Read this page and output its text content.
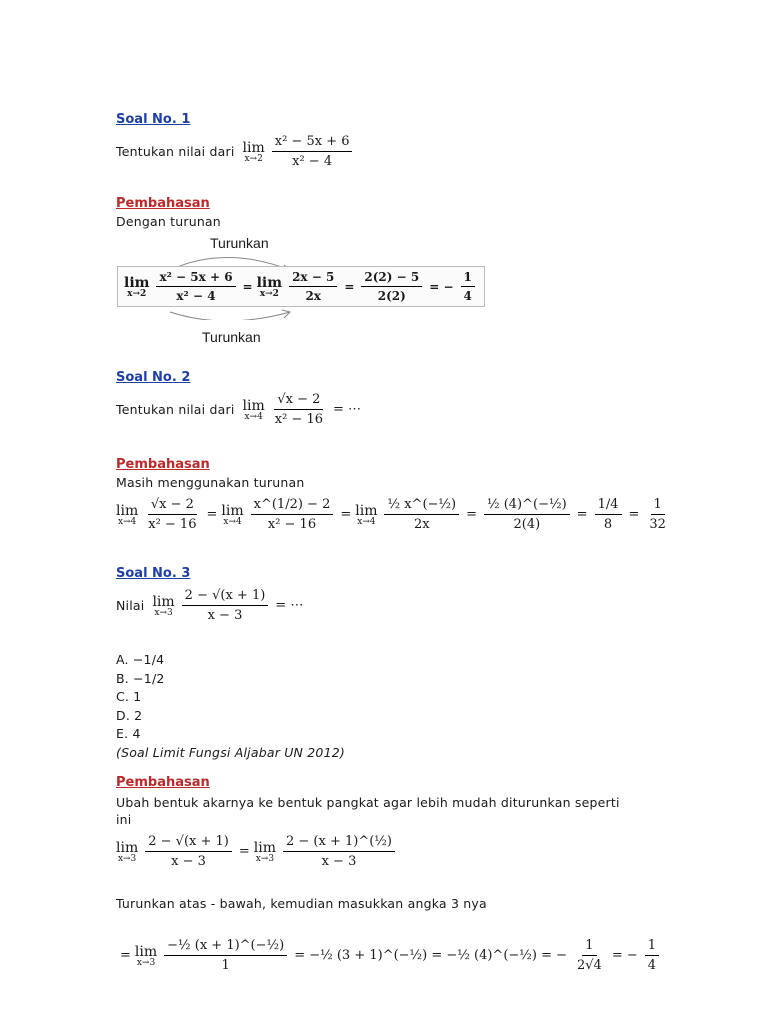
Soal No. 1
Tentukan nilai dari lim
$x\to 2 \frac{\text{x² − 5x + 6}}{\text{x² − 4}}$
Pembahasan
Dengan turunan
Turunkan
lim
$x\to 2 \frac{\text{x² − 5x + 6}}{\text{x² − 4}} = \lim$
$x\to 2 \frac{2x - 5}{2x} = \frac{2(2) - 5}{2(2)}$ = − $\frac{1}{4}$
Turunkan
Soal No. 2
Tentukan nilai dari lim
$x\to 4 \frac{√x - 2}{\text{x² − 16}}$ = ⋯
Pembahasan
Masih menggunakan turunan
lim
$x\to 4 \frac{√x - 2}{\text{x² − 16}} = \lim$
$x\to 4 \frac{x\^{}(1/2) - 2}{\text{x² − 16}} = \lim$
$x\to 4 \frac{\text{½ x\textasciicircum{}(−½)}}{2x} = \frac{\text{½ (4)\textasciicircum{}(−½)}}{2(4)} = \frac{1/4}{8} = \frac{1}{32}$
Soal No. 3
Nilai lim
$x\to 3 \frac{2 - √(x + 1)}{x - 3}$ = ⋯
A. −1/4
B. −1/2
C. 1
D. 2
E. 4
(Soal Limit Fungsi Aljabar UN 2012)
Pembahasan
Ubah bentuk akarnya ke bentuk pangkat agar lebih mudah diturunkan seperti
ini
lim
$x\to 3 \frac{2 - √(x + 1)}{x - 3} = \lim$
$x\to 3 \frac{\text{2 − (x + 1)\textasciicircum{}(½)}}{x - 3}$
Turunkan atas - bawah, kemudian masukkan angka 3 nya
= lim
$x\to 3 \frac{\text{−½ (x + 1)\textasciicircum{}(−½)}}{1}$ = −½ (3 + 1)^(−½) = −½ (4)^(−½) = − $\frac{1}{2√4}$ = − $\frac{1}{4}$
